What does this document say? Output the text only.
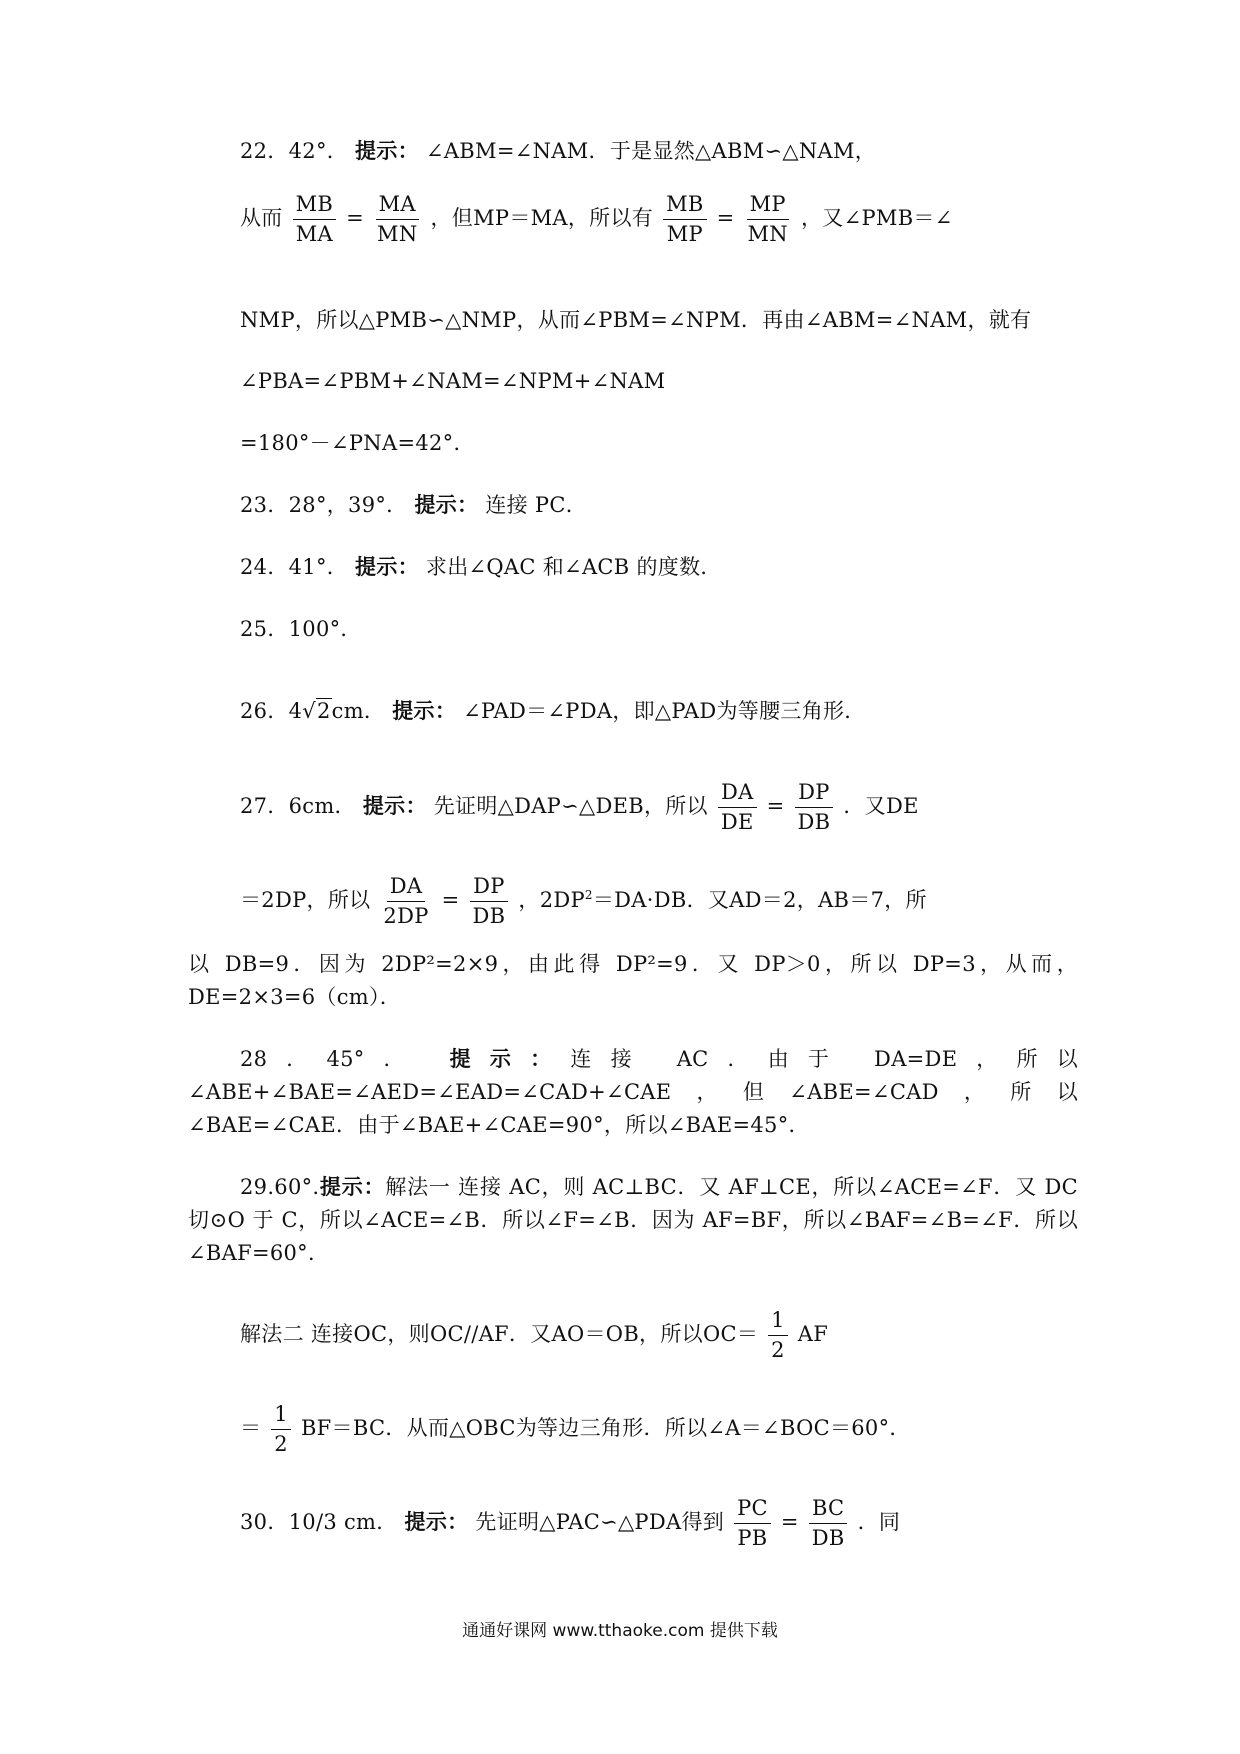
22．42°． 提示： ∠ABM=∠NAM．于是显然△ABM∽△NAM，
从而 $\frac{MB}{MA} = \frac{MA}{MN}$ ，但MP＝MA，所以有 $\frac{MB}{MP} = \frac{MP}{MN}$ ，又∠PMB＝∠
NMP，所以△PMB∽△NMP，从而∠PBM=∠NPM．再由∠ABM=∠NAM，就有
∠PBA=∠PBM+∠NAM=∠NPM+∠NAM
=180°－∠PNA=42°．
23．28°，39°． 提示： 连接 PC．
24．41°． 提示： 求出∠QAC 和∠ACB 的度数．
25．100°．
26．4√2cm． 提示： ∠PAD＝∠PDA，即△PAD为等腰三角形．
27．6cm． 提示： 先证明△DAP∽△DEB，所以 $\frac{DA}{DE} = \frac{DP}{DB}$ ．又DE
＝2DP，所以 $\frac{DA}{2DP} = \frac{DP}{DB}$ ，$2DP^2=DA\cdot DB$．又AD＝2，AB＝7，所
以 DB=9．因为 2DP²=2×9，由此得 DP²=9．又 DP＞0，所以 DP=3，从而，DE=2×3=6（cm）．
28．45°． 提示：连接 AC．由于 DA=DE，所以∠ABE+∠BAE=∠AED=∠EAD=∠CAD+∠CAE，但∠ABE=∠CAD，所以∠BAE=∠CAE．由于∠BAE+∠CAE=90°，所以∠BAE=45°．
29.60°.提示：解法一 连接 AC，则 AC⊥BC．又 AF⊥CE，所以∠ACE=∠F．又 DC 切⊙O 于 C，所以∠ACE=∠B．所以∠F=∠B．因为 AF=BF，所以∠BAF=∠B=∠F．所以∠BAF=60°．
解法二 连接OC，则OC//AF．又AO＝OB，所以$OC= \frac{1}{2}$ AF
＝ $\frac{1}{2} BF=BC$．从而△OBC为等边三角形．所以∠A＝∠BOC＝60°．
30．10/3 cm． 提示： 先证明△PAC∽△PDA得到 $\frac{PC}{PB} = \frac{BC}{DB}$ ．同
通通好课网 www.tthaoke.com 提供下载
